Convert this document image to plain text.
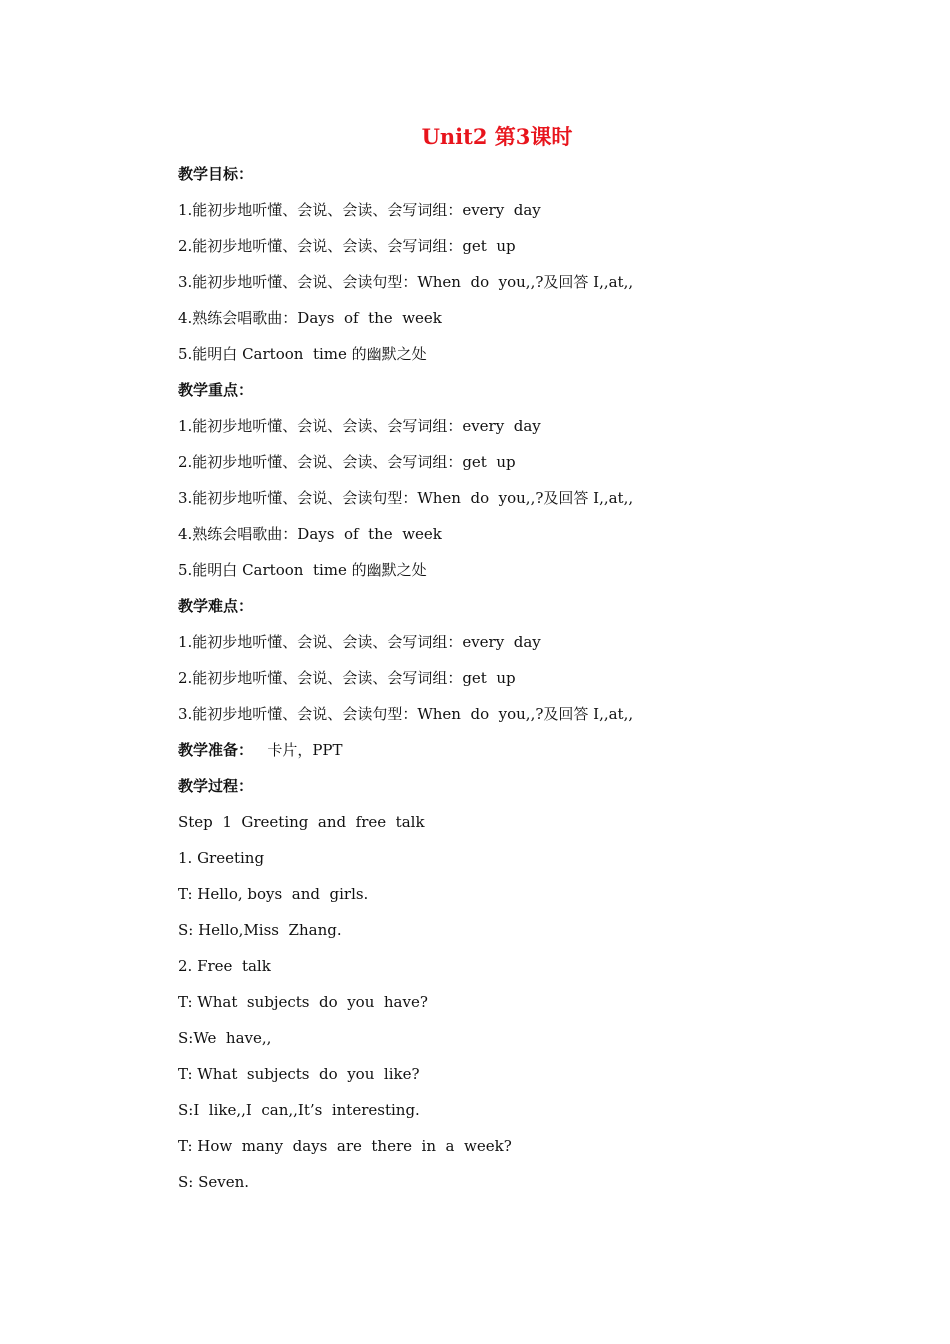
Unit2 第3课时
教学目标：
1.能初步地听懂、会说、会读、会写词组：every  day
2.能初步地听懂、会说、会读、会写词组：get  up
3.能初步地听懂、会说、会读句型：When  do  you,,?及回答 I,,at,,
4.熟练会唱歌曲：Days  of  the  week
5.能明白 Cartoon  time 的幽默之处
教学重点：
1.能初步地听懂、会说、会读、会写词组：every  day
2.能初步地听懂、会说、会读、会写词组：get  up
3.能初步地听懂、会说、会读句型：When  do  you,,?及回答 I,,at,,
4.熟练会唱歌曲：Days  of  the  week
5.能明白 Cartoon  time 的幽默之处
教学难点：
1.能初步地听懂、会说、会读、会写词组：every  day
2.能初步地听懂、会说、会读、会写词组：get  up
3.能初步地听懂、会说、会读句型：When  do  you,,?及回答 I,,at,,
教学准备：   卡片，PPT
教学过程：
Step  1  Greeting  and  free  talk
1. Greeting
T: Hello, boys  and  girls.
S: Hello,Miss  Zhang.
2. Free  talk
T: What  subjects  do  you  have?
S:We  have,,
T: What  subjects  do  you  like?
S:I  like,,I  can,,It’s  interesting.
T: How  many  days  are  there  in  a  week?
S: Seven.
